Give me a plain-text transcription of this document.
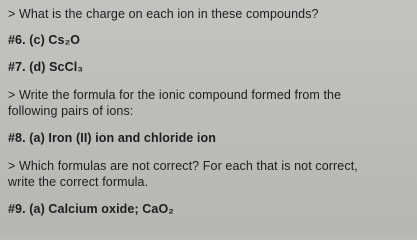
> What is the charge on each ion in these compounds?
#6. (c) Cs₂O
#7. (d) ScCl₃
> Write the formula for the ionic compound formed from the
following pairs of ions:
#8. (a) Iron (II) ion and chloride ion
> Which formulas are not correct? For each that is not correct,
write the correct formula.
#9. (a) Calcium oxide; CaO₂
